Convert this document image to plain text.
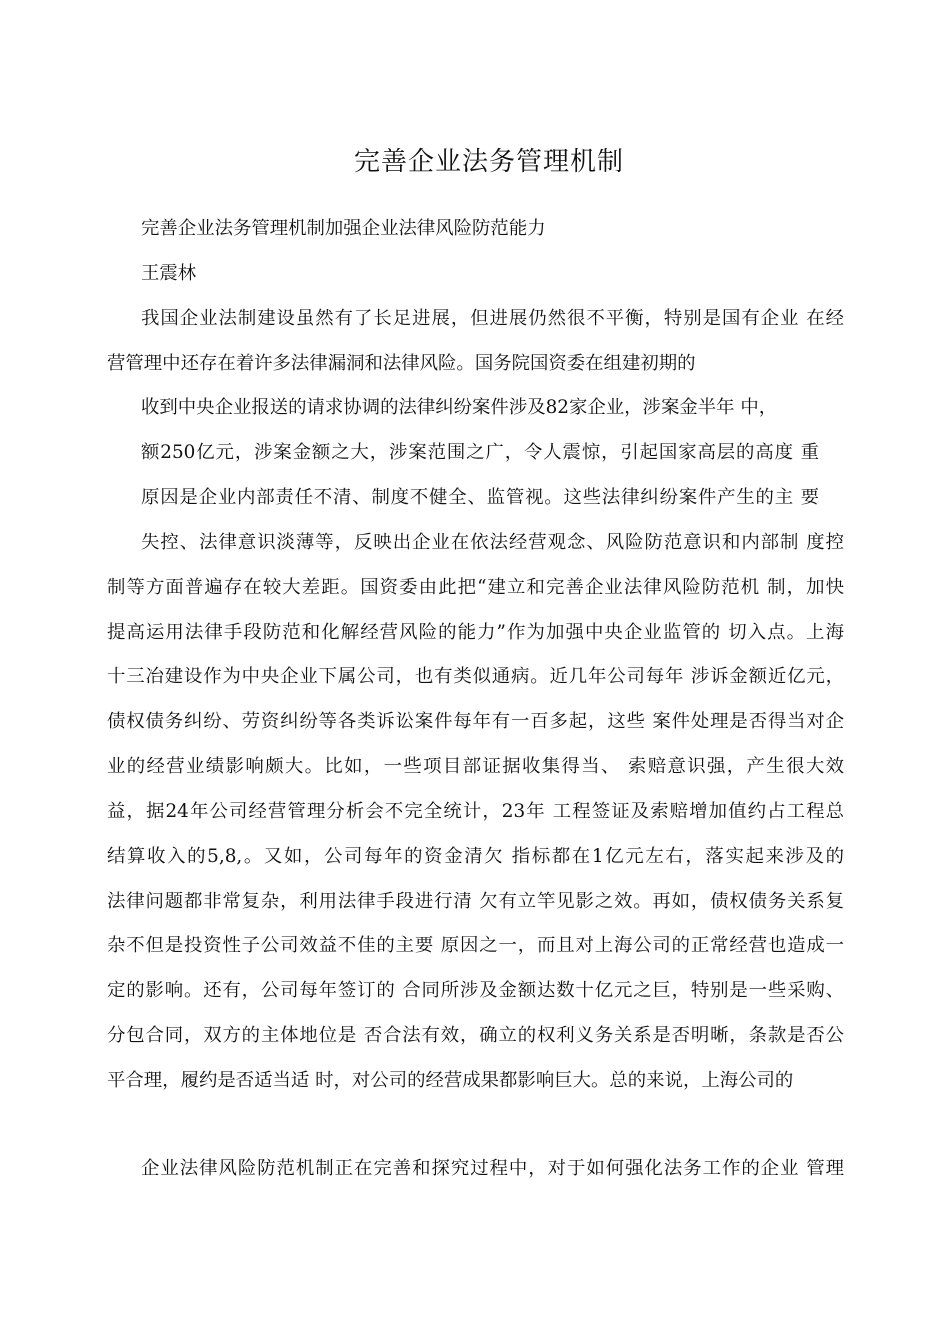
完善企业法务管理机制
完善企业法务管理机制加强企业法律风险防范能力
王震林
我国企业法制建设虽然有了长足进展，但进展仍然很不平衡，特别是国有企业 在经
营管理中还存在着许多法律漏洞和法律风险。国务院国资委在组建初期的
收到中央企业报送的请求协调的法律纠纷案件涉及82家企业，涉案金半年 中，
额250亿元，涉案金额之大，涉案范围之广，令人震惊，引起国家高层的高度 重
原因是企业内部责任不清、制度不健全、监管视。这些法律纠纷案件产生的主 要
失控、法律意识淡薄等，反映出企业在依法经营观念、风险防范意识和内部制 度控
制等方面普遍存在较大差距。国资委由此把“建立和完善企业法律风险防范机 制，加快
提高运用法律手段防范和化解经营风险的能力”作为加强中央企业监管的 切入点。上海
十三冶建设作为中央企业下属公司，也有类似通病。近几年公司每年 涉诉金额近亿元，
债权债务纠纷、劳资纠纷等各类诉讼案件每年有一百多起，这些 案件处理是否得当对企
业的经营业绩影响颇大。比如，一些项目部证据收集得当、 索赔意识强，产生很大效
益，据24年公司经营管理分析会不完全统计，23年 工程签证及索赔增加值约占工程总
结算收入的5,8,。又如，公司每年的资金清欠 指标都在1亿元左右，落实起来涉及的
法律问题都非常复杂，利用法律手段进行清 欠有立竿见影之效。再如，债权债务关系复
杂不但是投资性子公司效益不佳的主要 原因之一，而且对上海公司的正常经营也造成一
定的影响。还有，公司每年签订的 合同所涉及金额达数十亿元之巨，特别是一些采购、
分包合同，双方的主体地位是 否合法有效，确立的权利义务关系是否明晰，条款是否公
平合理，履约是否适当适 时，对公司的经营成果都影响巨大。总的来说，上海公司的
企业法律风险防范机制正在完善和探究过程中，对于如何强化法务工作的企业 管理
